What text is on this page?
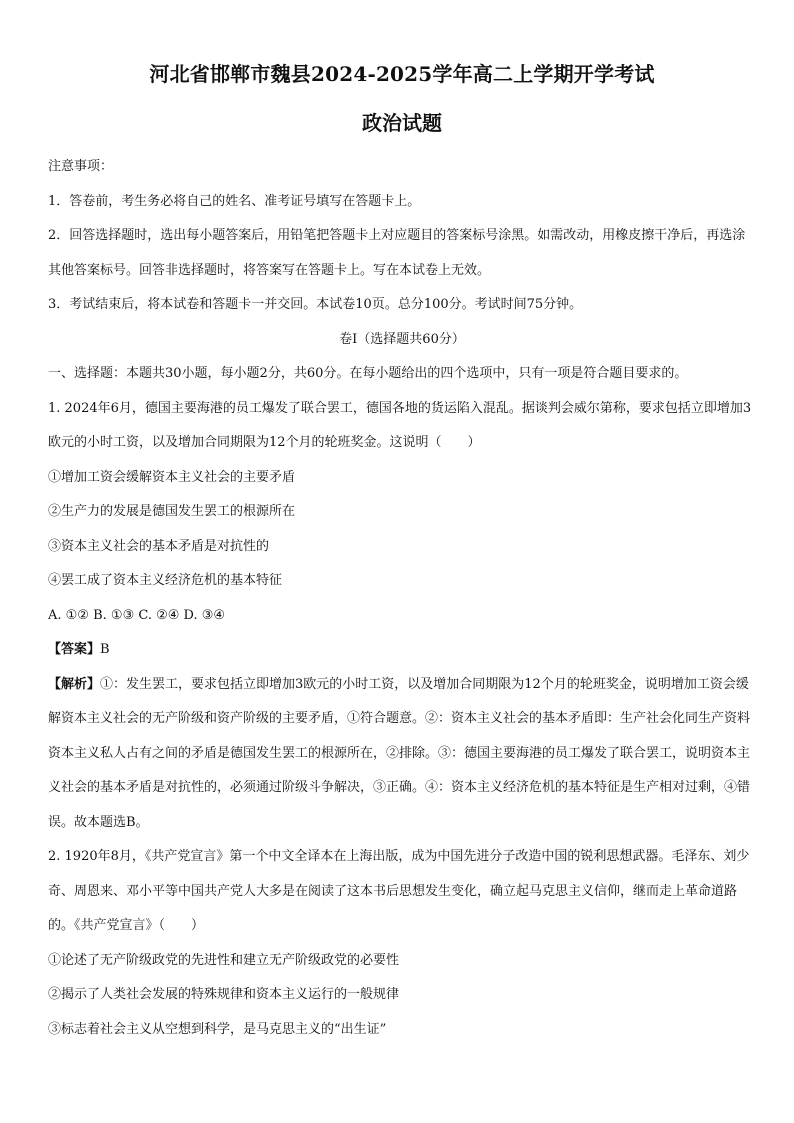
河北省邯郸市魏县2024-2025学年高二上学期开学考试
政治试题

注意事项：

1．答卷前，考生务必将自己的姓名、准考证号填写在答题卡上。

2．回答选择题时，选出每小题答案后，用铅笔把答题卡上对应题目的答案标号涂黑。如需改动，用橡皮擦干净后，再选涂其他答案标号。回答非选择题时，将答案写在答题卡上。写在本试卷上无效。

3．考试结束后，将本试卷和答题卡一并交回。本试卷10页。总分100分。考试时间75分钟。

卷Ⅰ（选择题共60分）

一、选择题：本题共30小题，每小题2分，共60分。在每小题给出的四个选项中，只有一项是符合题目要求的。

1. 2024年6月，德国主要海港的员工爆发了联合罢工，德国各地的货运陷入混乱。据谈判会威尔第称，要求包括立即增加3欧元的小时工资，以及增加合同期限为12个月的轮班奖金。这说明（　　）

①增加工资会缓解资本主义社会的主要矛盾

②生产力的发展是德国发生罢工的根源所在

③资本主义社会的基本矛盾是对抗性的

④罢工成了资本主义经济危机的基本特征

A. ①② B. ①③ C. ②④ D. ③④

【答案】B

【解析】①：发生罢工，要求包括立即增加3欧元的小时工资，以及增加合同期限为12个月的轮班奖金，说明增加工资会缓解资本主义社会的无产阶级和资产阶级的主要矛盾，①符合题意。②：资本主义社会的基本矛盾即：生产社会化同生产资料资本主义私人占有之间的矛盾是德国发生罢工的根源所在，②排除。③：德国主要海港的员工爆发了联合罢工，说明资本主义社会的基本矛盾是对抗性的，必须通过阶级斗争解决，③正确。④：资本主义经济危机的基本特征是生产相对过剩，④错误。故本题选B。

2. 1920年8月，《共产党宣言》第一个中文全译本在上海出版，成为中国先进分子改造中国的锐利思想武器。毛泽东、刘少奇、周恩来、邓小平等中国共产党人大多是在阅读了这本书后思想发生变化，确立起马克思主义信仰，继而走上革命道路的。《共产党宣言》（　　）

①论述了无产阶级政党的先进性和建立无产阶级政党的必要性

②揭示了人类社会发展的特殊规律和资本主义运行的一般规律

③标志着社会主义从空想到科学，是马克思主义的“出生证”
